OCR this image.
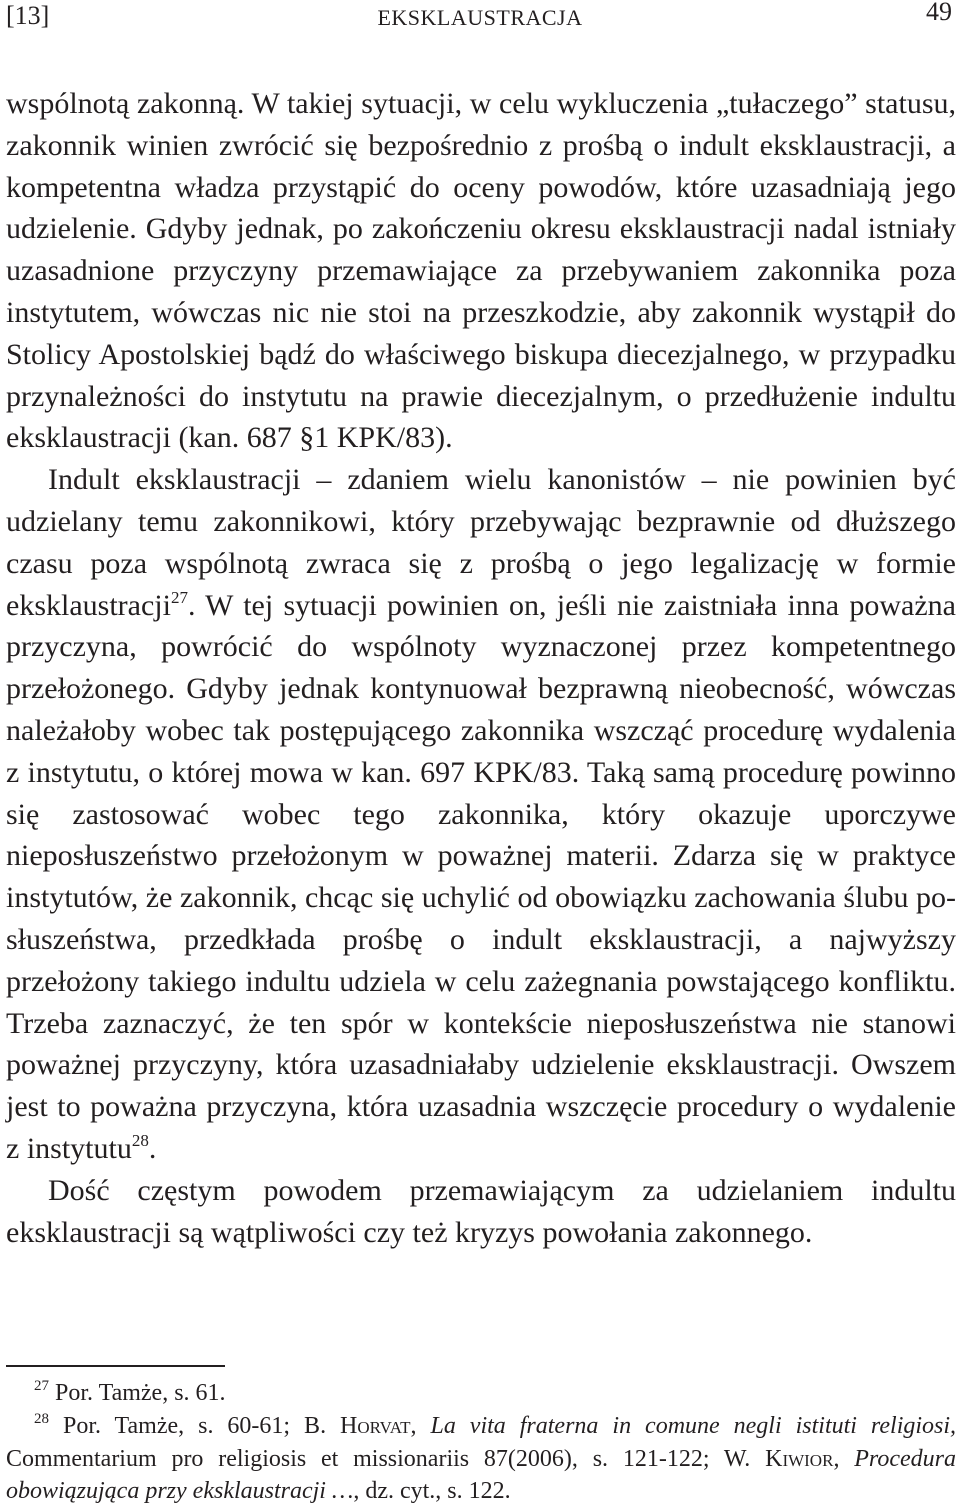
[13]	EKSKLAUSTRACJA	49

wspólnotą zakonną. W takiej sytuacji, w celu wykluczenia „tułaczego” statusu, zakonnik winien zwrócić się bezpośrednio z prośbą o indult eksklaustracji, a kompetentna władza przystąpić do oceny powodów, które uzasadniają jego udzielenie. Gdyby jednak, po zakończeniu okresu eksklaustracji nadal istniały uzasadnione przyczyny przemawiające za przebywaniem zakonnika poza instytutem, wówczas nic nie stoi na przeszkodzie, aby zakonnik wystąpił do Stolicy Apostolskiej bądź do właściwego biskupa diecezjalnego, w przypadku przynależności do instytutu na prawie diecezjalnym, o przedłużenie indultu eksklaustracji (kan. 687 §1 KPK/83).

Indult eksklaustracji – zdaniem wielu kanonistów – nie powinien być udzielany temu zakonnikowi, który przebywając bezprawnie od dłuższego czasu poza wspólnotą zwraca się z prośbą o jego legalizację w formie eksklaustracji$^{27}$. W tej sytuacji powinien on, jeśli nie zaistniała inna poważna przyczyna, powrócić do wspólnoty wyznaczonej przez kompetentnego przełożonego. Gdyby jednak kontynuował bezprawną nieobecność, wówczas należałoby wobec tak postępującego zakonnika wszcząć procedurę wydalenia z instytutu, o której mowa w kan. 697 KPK/83. Taką samą procedurę powinno się zastosować wobec tego zakonnika, który okazuje uporczywe nieposłuszeństwo przełożonym w poważnej materii. Zdarza się w praktyce instytutów, że zakonnik, chcąc się uchylić od obowiązku zachowania ślubu posłuszeństwa, przedkłada prośbę o indult eksklaustracji, a najwyższy przełożony takiego indultu udziela w celu zażegnania powstającego konfliktu. Trzeba zaznaczyć, że ten spór w kontekście nieposłuszeństwa nie stanowi poważnej przyczyny, która uzasadniałaby udzielenie eksklaustracji. Owszem jest to poważna przyczyna, która uzasadnia wszczęcie procedury o wydalenie z instytutu$^{28}$.

Dość częstym powodem przemawiającym za udzielaniem indultu eksklaustracji są wątpliwości czy też kryzys powołania zakonnego.

$^{27}$ Por. Tamże, s. 61.

$^{28}$ Por. Tamże, s. 60-61; B. Horvat, La vita fraterna in comune negli istituti religiosi, Commentarium pro religiosis et missionariis 87(2006), s. 121-122; W. Kiwior, Procedura obowiązująca przy eksklaustracji …, dz. cyt., s. 122.
